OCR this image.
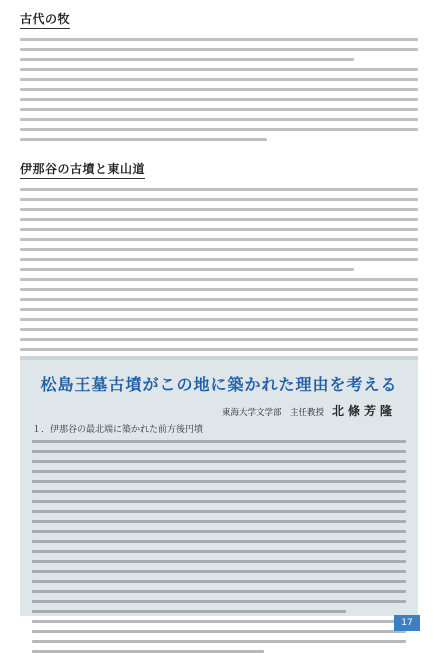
古代の牧
伊那谷の古墳と東山道
松島王墓古墳がこの地に築かれた理由を考える
東海大学文学部　主任教授 北條芳隆
１．伊那谷の最北端に築かれた前方後円墳
17
